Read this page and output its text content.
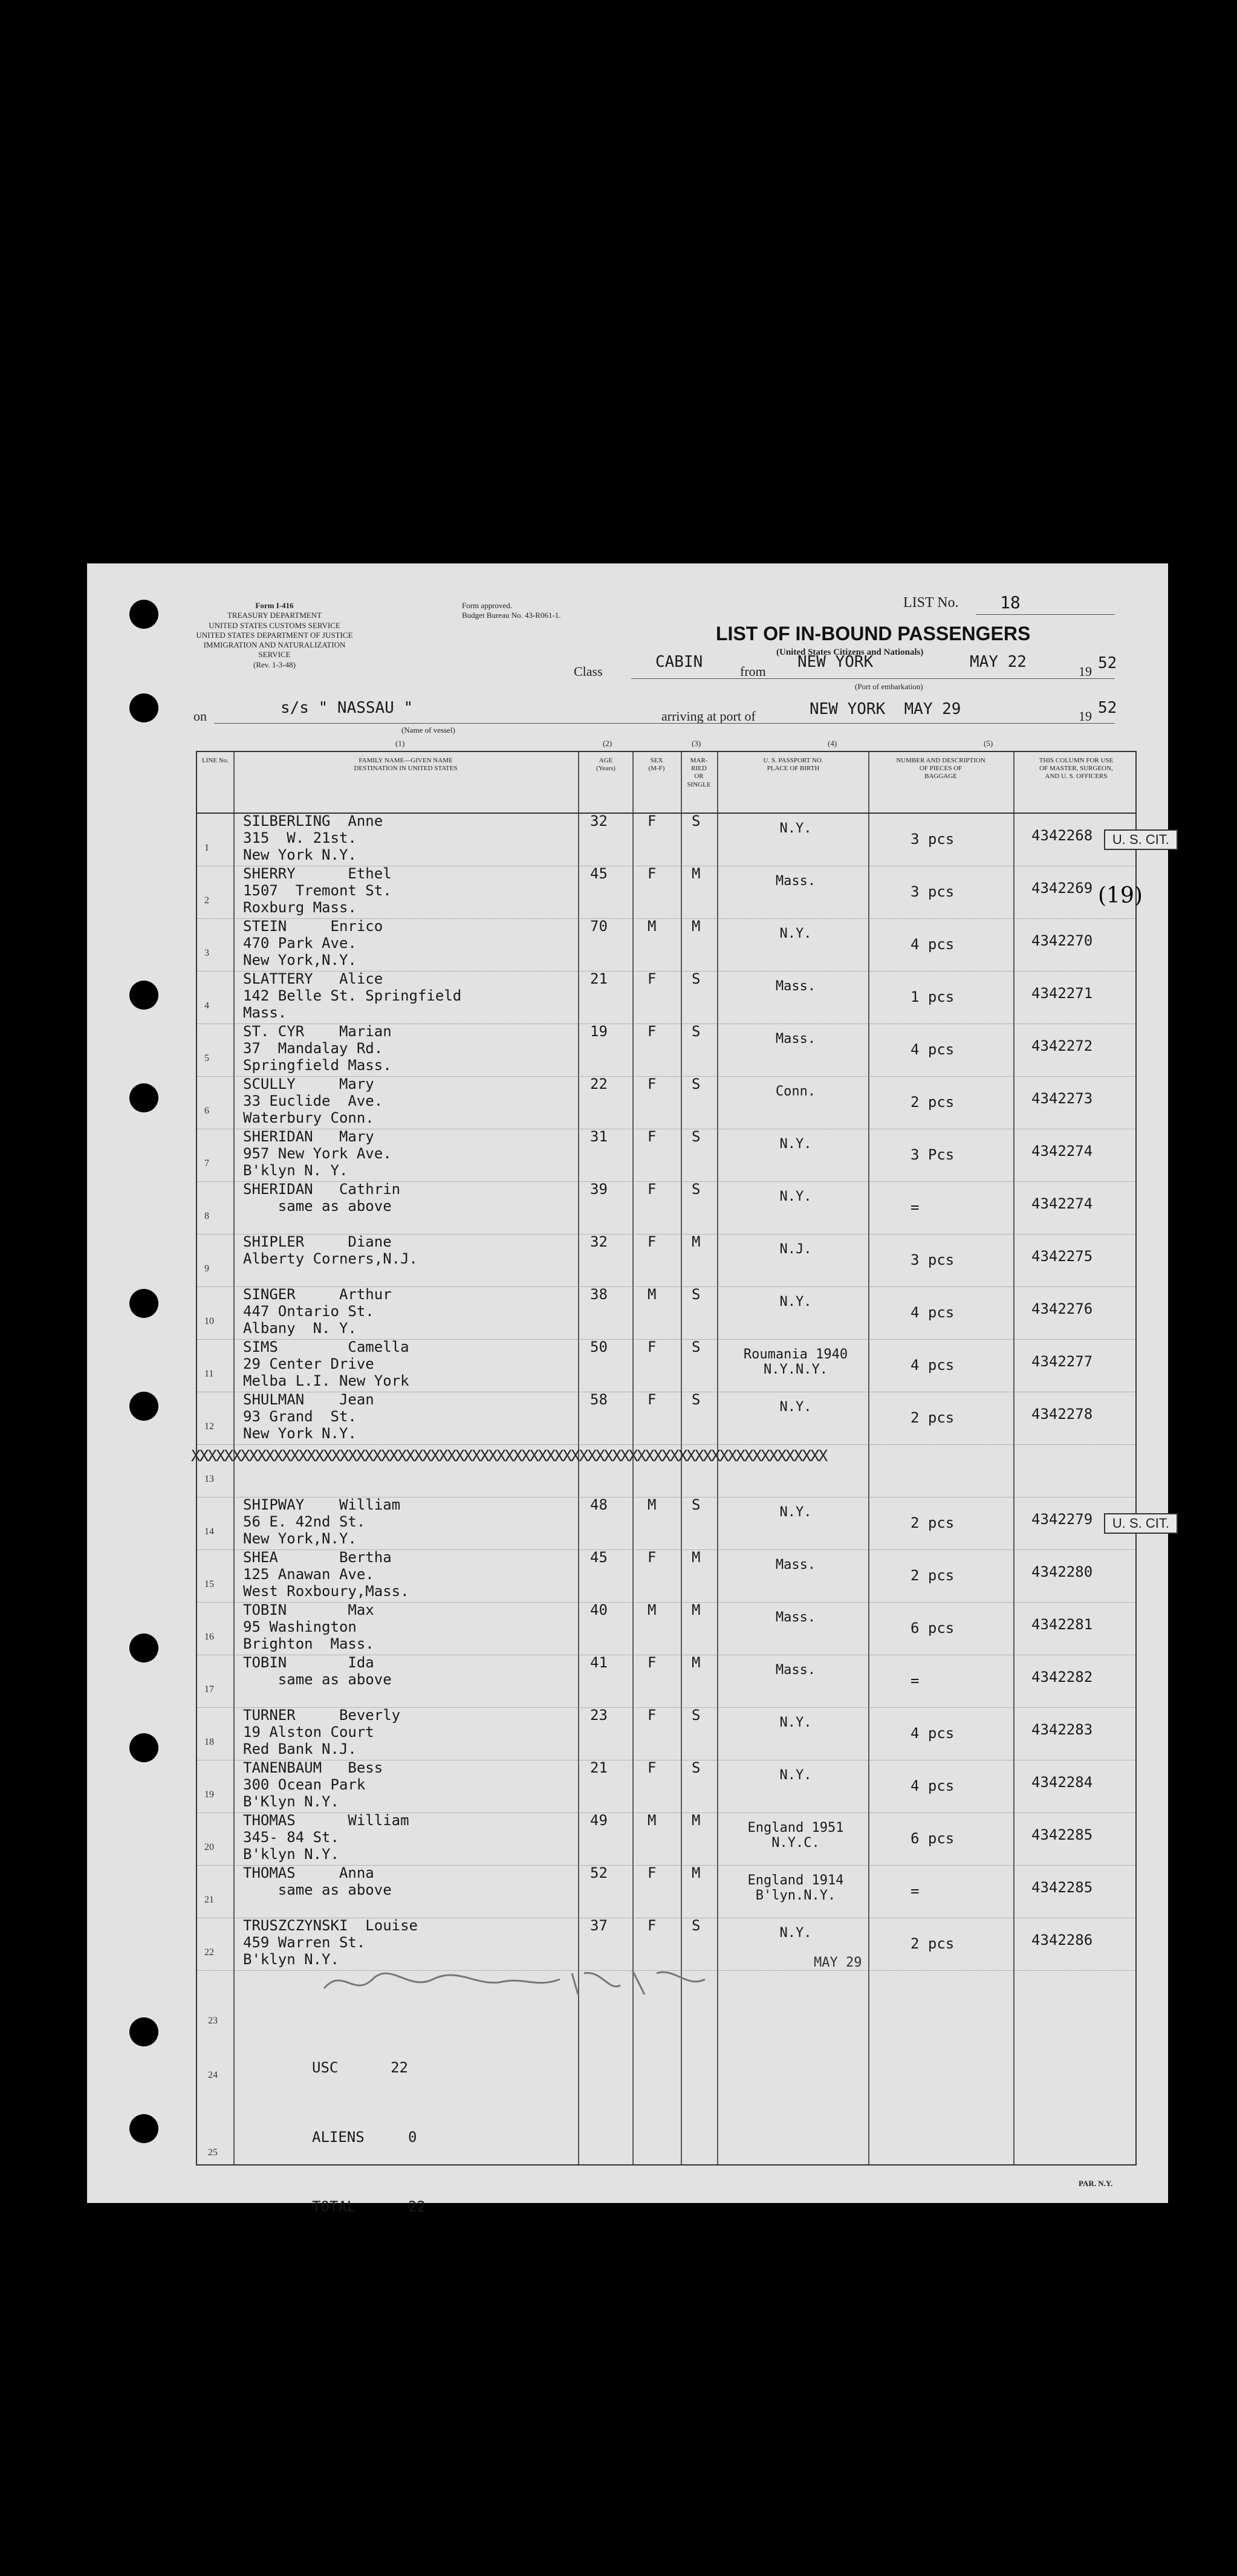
Form I-416
TREASURY DEPARTMENT
UNITED STATES CUSTOMS SERVICE
UNITED STATES DEPARTMENT OF JUSTICE
IMMIGRATION AND NATURALIZATION SERVICE
(Rev. 1-3-48)
Form approved.
Budget Bureau No. 43-R061-1.
LIST No. 18
LIST OF IN-BOUND PASSENGERS
(United States Citizens and Nationals)
Class
CABIN
from
NEW YORK	MAY 22
19 52
(Port of embarkation)
on	s/s " NASSAU "
(Name of vessel)
arriving at port of	NEW YORK  MAY 29	19 52
(1)	(2)	(3)	(4)	(5)
LINE No.	FAMILY NAME—GIVEN NAME
DESTINATION IN UNITED STATES
AGE
(Years)
SEX
(M-F)
MAR-
RIED
OR
SINGLE
U. S. PASSPORT NO.
PLACE OF BIRTH
NUMBER AND DESCRIPTION
OF PIECES OF
BAGGAGE
THIS COLUMN FOR USE
OF MASTER, SURGEON,
AND U. S. OFFICERS
1
SILBERLING  Anne
315  W. 21st.
New York N.Y.
32	F S	N.Y.
3 pcs	4342268	U. S. CIT.
2
SHERRY      Ethel
1507  Tremont St.
Roxburg Mass.
45	F M	Mass.
3 pcs	4342269 (19)
3
STEIN     Enrico
470 Park Ave.
New York,N.Y.
70	M M	N.Y.
4 pcs	4342270
4
SLATTERY   Alice
142 Belle St. Springfield
Mass.
21	F S	Mass.
1 pcs	4342271
5
ST. CYR    Marian
37  Mandalay Rd.
Springfield Mass.
19	F S	Mass.
4 pcs	4342272
6
SCULLY     Mary
33 Euclide  Ave.
Waterbury Conn.
22	F S	Conn.
2 pcs	4342273
7
SHERIDAN   Mary
957 New York Ave.
B'klyn N. Y.
31	F S	N.Y.
3 Pcs	4342274
8
SHERIDAN   Cathrin
same as above
39	F S	N.Y.
=	4342274
9
SHIPLER     Diane
Alberty Corners,N.J.
32	F M	N.J.
3 pcs	4342275
10
SINGER     Arthur
447 Ontario St.
Albany  N. Y.
38	M S	N.Y.
4 pcs	4342276
11
SIMS        Camella
29 Center Drive
Melba L.I. New York
50	F S	Roumania 1940 N.Y.N.Y.	4 pcs	4342277
12
SHULMAN    Jean
93 Grand  St.
New York N.Y.
58	F S	N.Y.
2 pcs	4342278
13
XXXXXXXXXXXXXXXXXXXXXXXXXXXXXXXXXXXXXXXXXXXXXXXXXXXXXXXXXXXXXXXXXXXXXXXXXXXXX
14
SHIPWAY    William
56 E. 42nd St.
New York,N.Y.
48	M S	N.Y.
2 pcs	4342279	U. S. CIT.
15
SHEA       Bertha
125 Anawan Ave.
West Roxboury,Mass.
45	F M	Mass.
2 pcs	4342280
16
TOBIN       Max
95 Washington
Brighton  Mass.
40	M M	Mass.
6 pcs	4342281
17
TOBIN       Ida
same as above
41	F M	Mass.
=	4342282
18
TURNER     Beverly
19 Alston Court
Red Bank N.J.
23	F S	N.Y.
4 pcs	4342283
19
TANENBAUM   Bess
300 Ocean Park
B'Klyn N.Y.
21	F S	N.Y.
4 pcs	4342284
20
THOMAS      William
345- 84 St.
B'klyn N.Y.
49	M M	England 1951 N.Y.C.	6 pcs	4342285
21
THOMAS     Anna
same as above
52	F M	England 1914 B'lyn.N.Y.	=	4342285
22
TRUSZCZYNSKI  Louise
459 Warren St.
B'klyn N.Y.
37	F S	N.Y.
2 pcs	4342286

USC	22

ALIENS	0

TOTAL	22

23
24
25
MAY 29
PAR. N.Y.
